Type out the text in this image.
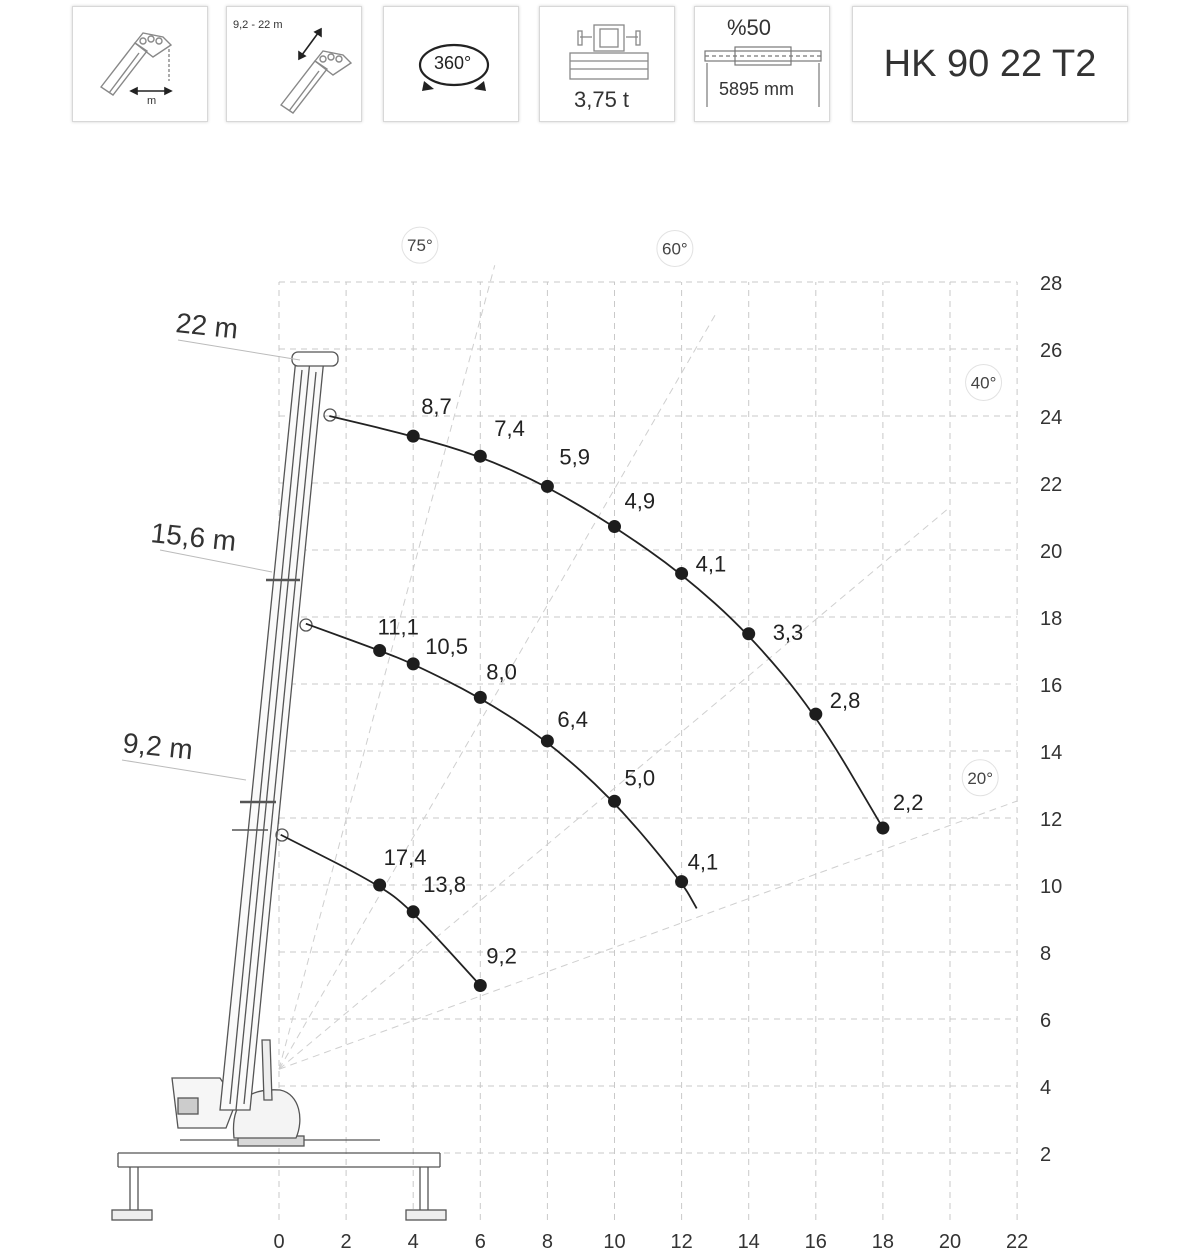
m
9,2 - 22 m
360°
3,75 t
%50
5895 mm
HK 90 22 T2
75°	60°
40°
20°
8,7
7,4
5,9
4,9
4,1
3,3
2,8
2,2
11,1
10,5
8,0
6,4
5,0
4,1
17,4
13,8
9,2
0	2	4	6	8	10 12 14 16 18 20 22
2
4
6
8
10
12
14
16
18
20
22
24
26
28
22 m
15,6 m
9,2 m
